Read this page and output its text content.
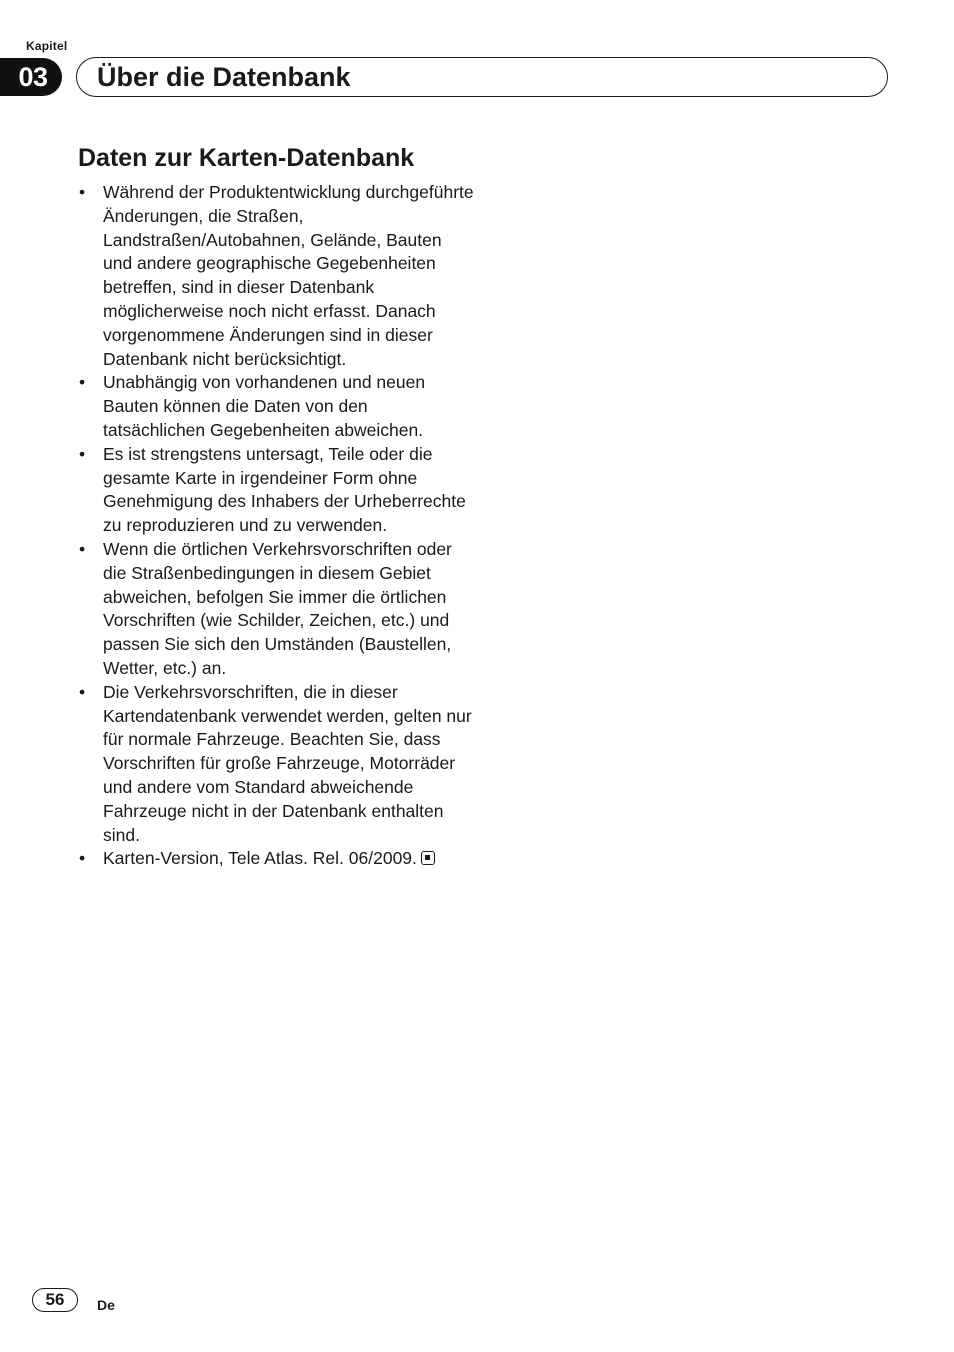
Kapitel
03	Über die Datenbank
Daten zur Karten-Datenbank
• Während der Produktentwicklung durchgeführte Änderungen, die Straßen, Landstraßen/Autobahnen, Gelände, Bauten und andere geographische Gegebenheiten betreffen, sind in dieser Datenbank möglicherweise noch nicht erfasst. Danach vorgenommene Änderungen sind in dieser Datenbank nicht berücksichtigt.
• Unabhängig von vorhandenen und neuen Bauten können die Daten von den tatsächlichen Gegebenheiten abweichen.
• Es ist strengstens untersagt, Teile oder die gesamte Karte in irgendeiner Form ohne Genehmigung des Inhabers der Urheberrechte zu reproduzieren und zu verwenden.
• Wenn die örtlichen Verkehrsvorschriften oder die Straßenbedingungen in diesem Gebiet abweichen, befolgen Sie immer die örtlichen Vorschriften (wie Schilder, Zeichen, etc.) und passen Sie sich den Umständen (Baustellen, Wetter, etc.) an.
• Die Verkehrsvorschriften, die in dieser Kartendatenbank verwendet werden, gelten nur für normale Fahrzeuge. Beachten Sie, dass Vorschriften für große Fahrzeuge, Motorräder und andere vom Standard abweichende Fahrzeuge nicht in der Datenbank enthalten sind.
• Karten-Version, Tele Atlas. Rel. 06/2009.
56	De
